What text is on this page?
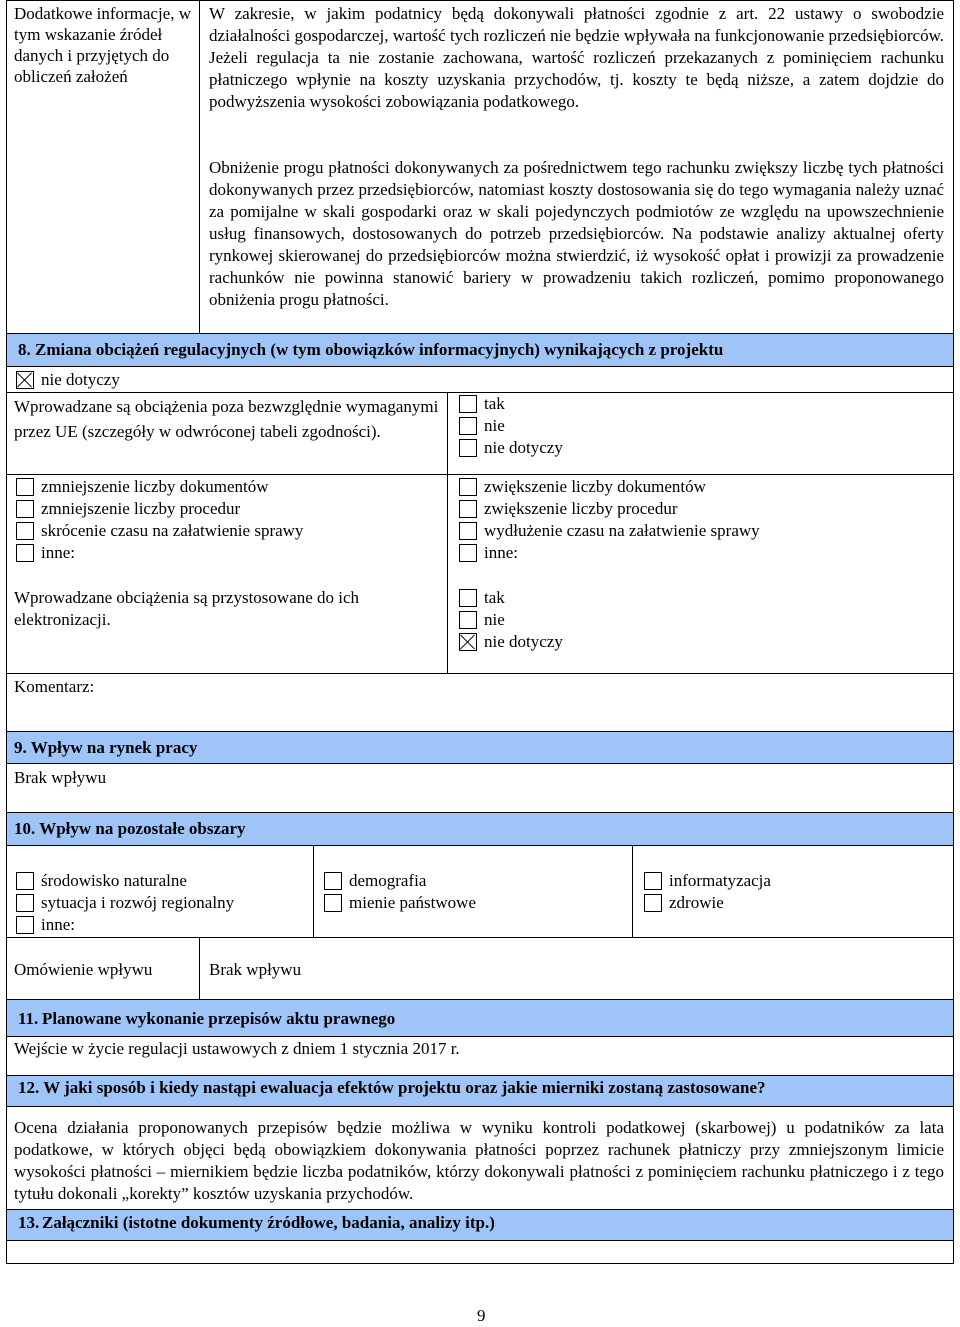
Dodatkowe informacje, w tym wskazanie źródeł danych i przyjętych do obliczeń założeń
W zakresie, w jakim podatnicy będą dokonywali płatności zgodnie z art. 22 ustawy o swobodzie działalności gospodarczej, wartość tych rozliczeń nie będzie wpływała na funkcjonowanie przedsiębiorców. Jeżeli regulacja ta nie zostanie zachowana, wartość rozliczeń przekazanych z pominięciem rachunku płatniczego wpłynie na koszty uzyskania przychodów, tj. koszty te będą niższe, a zatem dojdzie do podwyższenia wysokości zobowiązania podatkowego.
Obniżenie progu płatności dokonywanych za pośrednictwem tego rachunku zwiększy liczbę tych płatności dokonywanych przez przedsiębiorców, natomiast koszty dostosowania się do tego wymagania należy uznać za pomijalne w skali gospodarki oraz w skali pojedynczych podmiotów ze względu na upowszechnienie usług finansowych, dostosowanych do potrzeb przedsiębiorców. Na podstawie analizy aktualnej oferty rynkowej skierowanej do przedsiębiorców można stwierdzić, iż wysokość opłat i prowizji za prowadzenie rachunków nie powinna stanowić bariery w prowadzeniu takich rozliczeń, pomimo proponowanego obniżenia progu płatności.
8. Zmiana obciążeń regulacyjnych (w tym obowiązków informacyjnych) wynikających z projektu
nie dotyczy
Wprowadzane są obciążenia poza bezwzględnie wymaganymi przez UE (szczegóły w odwróconej tabeli zgodności).
tak
nie
nie dotyczy
zmniejszenie liczby dokumentów
zmniejszenie liczby procedur
skrócenie czasu na załatwienie sprawy
inne:
zwiększenie liczby dokumentów
zwiększenie liczby procedur
wydłużenie czasu na załatwienie sprawy
inne:
Wprowadzane obciążenia są przystosowane do ich elektronizacji.
tak
nie
nie dotyczy
Komentarz:
9. Wpływ na rynek pracy
Brak wpływu
10. Wpływ na pozostałe obszary
środowisko naturalne
sytuacja i rozwój regionalny
inne:
demografia
mienie państwowe
informatyzacja
zdrowie
Omówienie wpływu	Brak wpływu
11. Planowane wykonanie przepisów aktu prawnego
Wejście w życie regulacji ustawowych z dniem 1 stycznia 2017 r.
12. W jaki sposób i kiedy nastąpi ewaluacja efektów projektu oraz jakie mierniki zostaną zastosowane?
Ocena działania proponowanych przepisów będzie możliwa w wyniku kontroli podatkowej (skarbowej) u podatników za lata podatkowe, w których objęci będą obowiązkiem dokonywania płatności poprzez rachunek płatniczy przy zmniejszonym limicie wysokości płatności – miernikiem będzie liczba podatników, którzy dokonywali płatności z pominięciem rachunku płatniczego i z tego tytułu dokonali „korekty” kosztów uzyskania przychodów.
13. Załączniki (istotne dokumenty źródłowe, badania, analizy itp.)
9
